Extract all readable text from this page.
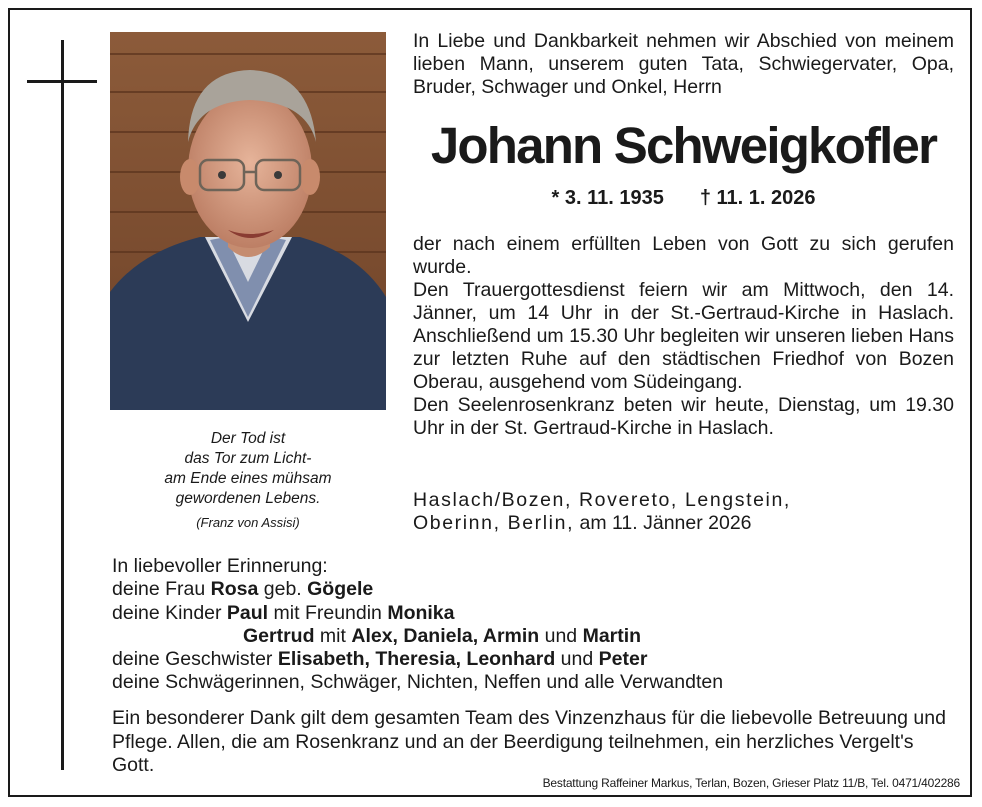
Der Tod ist
das Tor zum Licht-
am Ende eines mühsam
gewordenen Lebens.
(Franz von Assisi)
In Liebe und Dankbarkeit nehmen wir Abschied von meinem lieben Mann, unserem guten Tata, Schwiegervater, Opa, Bruder, Schwager und Onkel, Herrn
Johann Schweigkofler
* 3. 11. 1935 † 11. 1. 2026

der nach einem erfüllten Leben von Gott zu sich gerufen wurde.

Den Trauergottesdienst feiern wir am Mittwoch, den 14. Jänner, um 14 Uhr in der St.-Gertraud-Kirche in Haslach. Anschließend um 15.30 Uhr begleiten wir unseren lieben Hans zur letzten Ruhe auf den städtischen Friedhof von Bozen Oberau, ausgehend vom Südeingang.

Den Seelenrosenkranz beten wir heute, Dienstag, um 19.30 Uhr in der St. Gertraud-Kirche in Haslach.

Haslach/Bozen, Rovereto, Lengstein,
Oberinn, Berlin, am 11. Jänner 2026
In liebevoller Erinnerung:
deine Frau Rosa geb. Gögele
deine Kinder Paul mit Freundin Monika
Gertrud mit Alex, Daniela, Armin und Martin
deine Geschwister Elisabeth, Theresia, Leonhard und Peter
deine Schwägerinnen, Schwäger, Nichten, Neffen und alle Verwandten
Ein besonderer Dank gilt dem gesamten Team des Vinzenzhaus für die liebevolle Betreuung und Pflege. Allen, die am Rosenkranz und an der Beerdigung teilnehmen, ein herzliches Vergelt's Gott.
Bestattung Raffeiner Markus, Terlan, Bozen, Grieser Platz 11/B, Tel. 0471/402286
